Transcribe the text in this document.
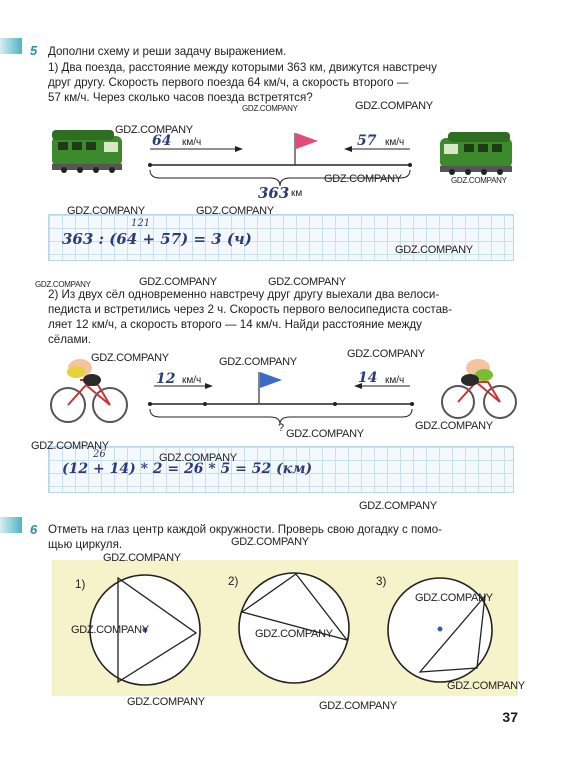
5 Дополни схему и реши задачу выражением.
1) Два поезда, расстояние между которыми 363 км, движутся навстречу
друг другу. Скорость первого поезда 64 км/ч, а скорость второго —
57 км/ч. Через сколько часов поезда встретятся?
64 км/ч	57 км/ч
363 км
121
363 : (64 + 57) = 3 (ч)
2) Из двух сёл одновременно навстречу друг другу выехали два велоси-
педиста и встретились через 2 ч. Скорость первого велосипедиста состав-
ляет 12 км/ч, а скорость второго — 14 км/ч. Найди расстояние между
сёлами.
12 км/ч	14 км/ч
?
26
(12 + 14) * 2 = 26 * 5 = 52 (км)
6 Отметь на глаз центр каждой окружности. Проверь свою догадку с помо-
щью циркуля.
1)	2)	3)
GDZ.COMPANY	GDZ.COMPANY
GDZ.COMPANY
GDZ.COMPANY	GDZ.COMPANY
GDZ.COMPANY	GDZ.COMPANY
GDZ.COMPANY
GDZ.COMPANY	GDZ.COMPANY	GDZ.COMPANY
GDZ.COMPANY	GDZ.COMPANY
GDZ.COMPANY
GDZ.COMPANY
GDZ.COMPANY
GDZ.COMPANY
GDZ.COMPANY
GDZ.COMPANY
GDZ.COMPANY
GDZ.COMPANY
GDZ.COMPANY
GDZ.COMPANY	GDZ.COMPANY
GDZ.COMPANY
GDZ.COMPANY	GDZ.COMPANY
37
